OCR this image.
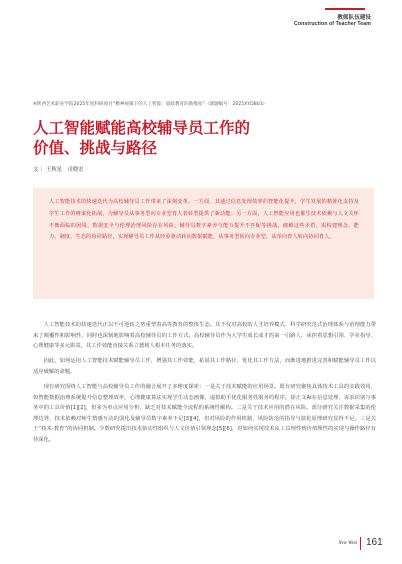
教师队伍建设
Construction of Teacher Team
※陕西艺术职业学院2025年度科研项目“精神视阈下的人工智能：思政教育的新维度”（课题编号：2025XYDB03）
人工智能赋能高校辅导员工作的
价值、挑战与路径
文｜ 王秋星　司晓宏
人工智能技术的快速迭代为高校辅导员工作带来了深刻变革。一方面，其通过信息处理效率的智能化提升，学生发展的精准化支持及学生工作的瘠寀化拓展，为辅导员从事务型向专业型育人者转型提供了新动能；另一方面，人工智能应用也催生技术依赖与人文关怀不衡面临的困境、数据安全与伦理治理风险存在风险、辅导员数字素养与能力提升不匹配等挑战。破解这些矛盾，需构建理念、能力、制度、生态的协同路径，实现辅导员工作从经验驱动转向数据赋能，从事务型转向专业型，从单向育人转向协同育人。

人工智能技术的快速迭代正以不可逆转之势重塑着高等教育的整体生态。其不仅对高校的人才培养模式、科学研究范式治理体系与治理能力带来了颠覆性和影响性，同时也深刻地影响着高校辅导员的工作方式。高校辅导员作为大学生成长成才的第一引路人，承担着思想引领、学业指导、心理健康等多元职责。其工作效能直接关系立德树人根本任务的落实。

因此，如何运用人工智能技术赋能辅导员工作，增强其工作效能，拓展其工作路径，优化其工作方法，而渐进地推进完善和赋能辅导员工作以适应破解的命题。

现有研究围绕人工智能与高校辅导员工作的融合展开了多维度探索：一是关于技术赋能的应用场景。既有研究聚焦具体技术工具的实践效用，如智能数据治理系统提升信息整理效率，心理健康算法实现学生动态画像，虚拟助手优化服务性服务的程序。徐正文AI在信息处理、诉求识别与事务中的工具价值[1][2]，但多为单点应用分析，缺乏对技术赋能全流程的系统性解构。二是关于技术应用的潜在风险。部分研究关注数据采集的伦理边界，技术依赖对师生情感互动的弱化及辅导员数字素养不足[3][4]，但对风险的作用机制，风险防范的指导与演化原理研究显得不足。三是关于“技术-教育”的协同机制。少数研究提出技术驱动性组织与人文价值引领理念[5][6]，对如何实现技术从工具理性到价值理性的实现与操作路径有待深化。

New West 161
